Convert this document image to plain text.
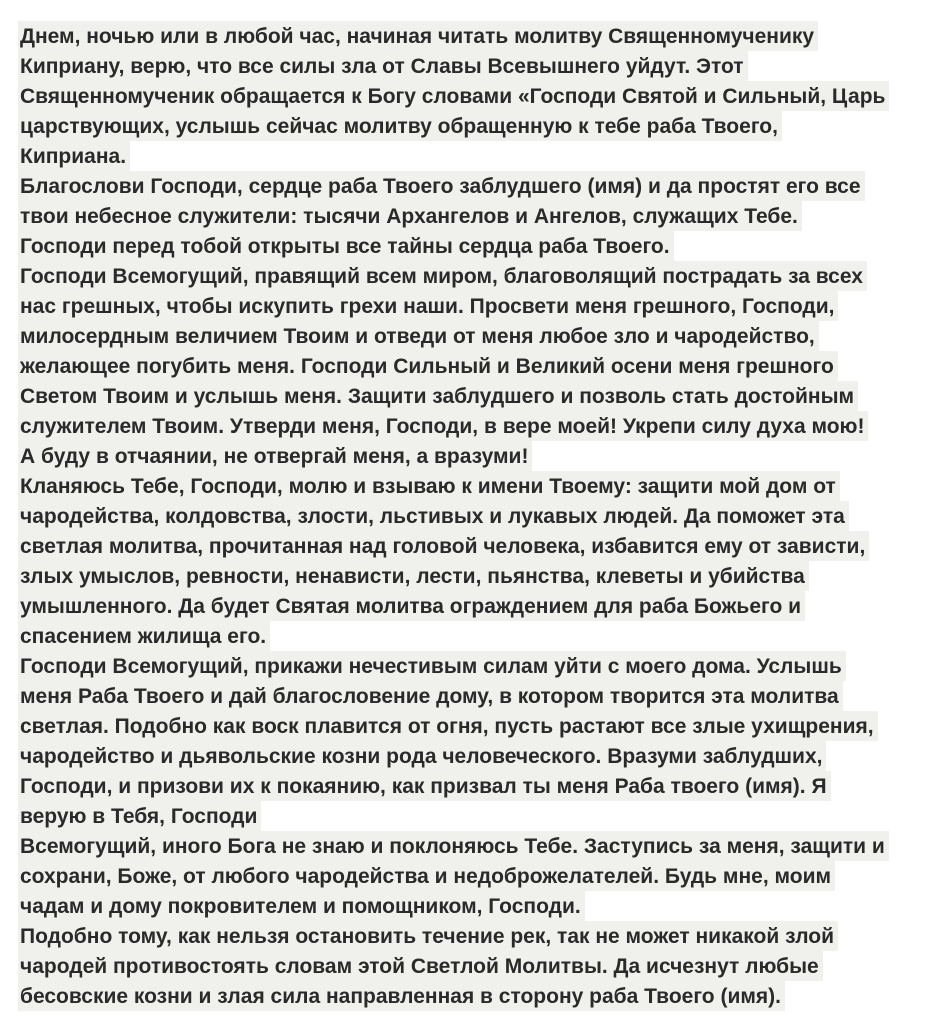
Днем, ночью или в любой час, начиная читать молитву Священномученику
Киприану, верю, что все силы зла от Славы Всевышнего уйдут. Этот
Священномученик обращается к Богу словами «Господи Святой и Сильный, Царь
царствующих, услышь сейчас молитву обращенную к тебе раба Твоего,
Киприана.
Благослови Господи, сердце раба Твоего заблудшего (имя) и да простят его все
твои небесное служители: тысячи Архангелов и Ангелов, служащих Тебе.
Господи перед тобой открыты все тайны сердца раба Твоего.
Господи Всемогущий, правящий всем миром, благоволящий пострадать за всех
нас грешных, чтобы искупить грехи наши. Просвети меня грешного, Господи,
милосердным величием Твоим и отведи от меня любое зло и чародейство,
желающее погубить меня. Господи Сильный и Великий осени меня грешного
Светом Твоим и услышь меня. Защити заблудшего и позволь стать достойным
служителем Твоим. Утверди меня, Господи, в вере моей! Укрепи силу духа мою!
А буду в отчаянии, не отвергай меня, а вразуми!
Кланяюсь Тебе, Господи, молю и взываю к имени Твоему: защити мой дом от
чародейства, колдовства, злости, льстивых и лукавых людей. Да поможет эта
светлая молитва, прочитанная над головой человека, избавится ему от зависти,
злых умыслов, ревности, ненависти, лести, пьянства, клеветы и убийства
умышленного. Да будет Святая молитва ограждением для раба Божьего и
спасением жилища его.
Господи Всемогущий, прикажи нечестивым силам уйти с моего дома. Услышь
меня Раба Твоего и дай благословение дому, в котором творится эта молитва
светлая. Подобно как воск плавится от огня, пусть растают все злые ухищрения,
чародейство и дьявольские козни рода человеческого. Вразуми заблудших,
Господи, и призови их к покаянию, как призвал ты меня Раба твоего (имя). Я
верую в Тебя, Господи
Всемогущий, иного Бога не знаю и поклоняюсь Тебе. Заступись за меня, защити и
сохрани, Боже, от любого чародейства и недоброжелателей. Будь мне, моим
чадам и дому покровителем и помощником, Господи.
Подобно тому, как нельзя остановить течение рек, так не может никакой злой
чародей противостоять словам этой Светлой Молитвы. Да исчезнут любые
бесовские козни и злая сила направленная в сторону раба Твоего (имя).
